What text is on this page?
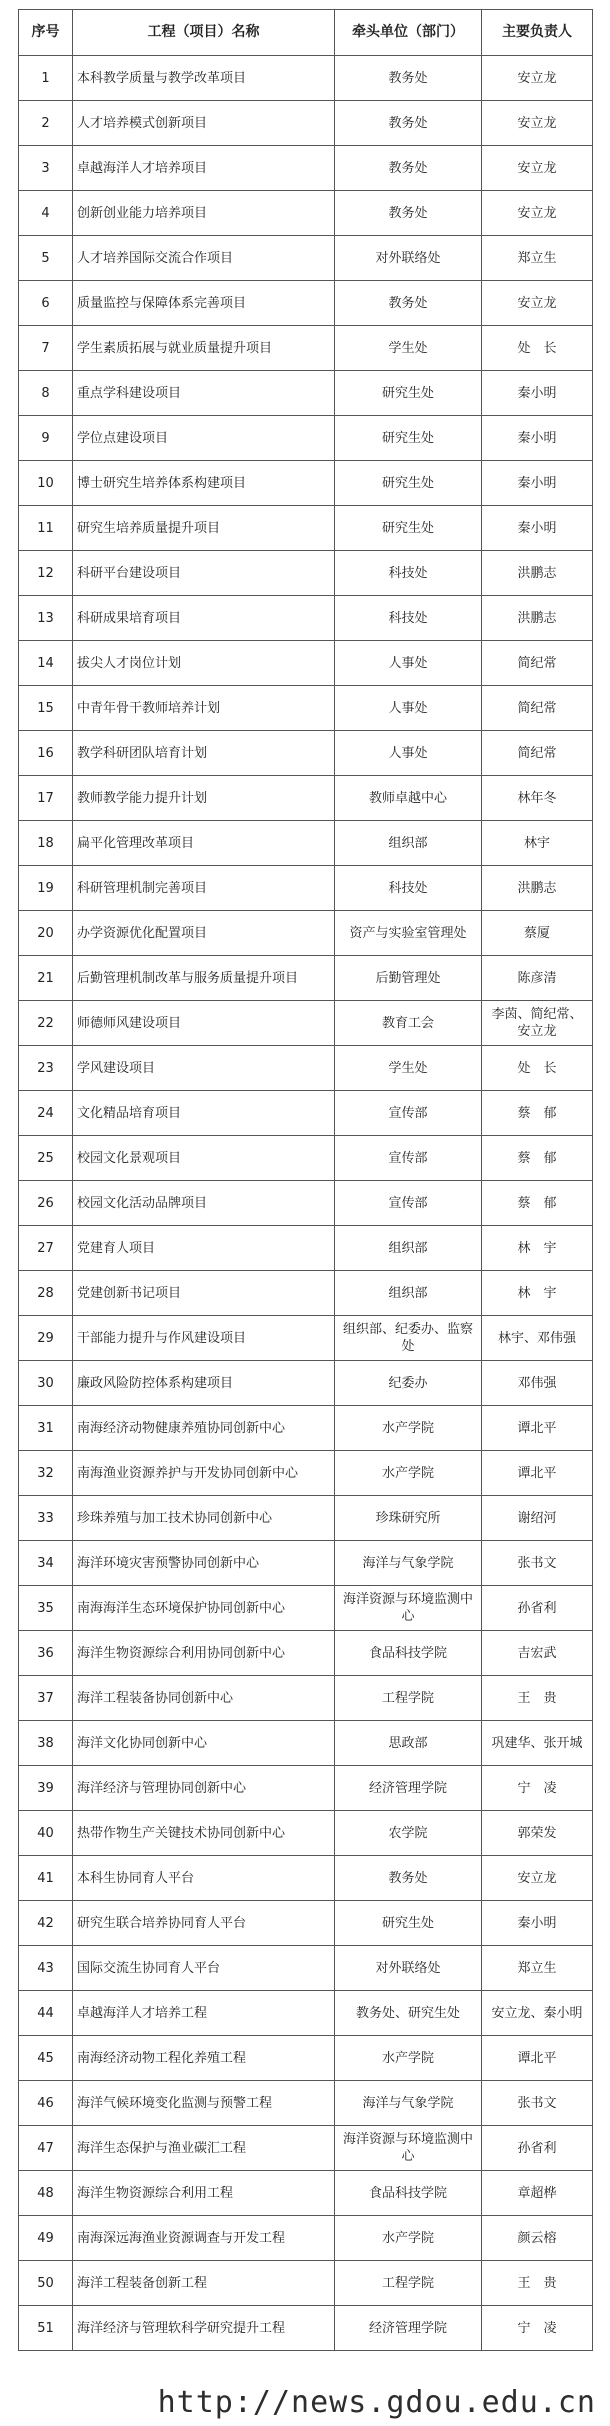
序号	工程（项目）名称	牵头单位（部门）	主要负责人
1	本科教学质量与教学改革项目	教务处	安立龙
2	人才培养模式创新项目	教务处	安立龙
3	卓越海洋人才培养项目	教务处	安立龙
4	创新创业能力培养项目	教务处	安立龙
5	人才培养国际交流合作项目	对外联络处	郑立生
6	质量监控与保障体系完善项目	教务处	安立龙
7	学生素质拓展与就业质量提升项目	学生处	处　长
8	重点学科建设项目	研究生处	秦小明
9	学位点建设项目	研究生处	秦小明
10	博士研究生培养体系构建项目	研究生处	秦小明
11	研究生培养质量提升项目	研究生处	秦小明
12	科研平台建设项目	科技处	洪鹏志
13	科研成果培育项目	科技处	洪鹏志
14	拔尖人才岗位计划	人事处	简纪常
15	中青年骨干教师培养计划	人事处	简纪常
16	教学科研团队培育计划	人事处	简纪常
17	教师教学能力提升计划	教师卓越中心	林年冬
18	扁平化管理改革项目	组织部	林宇
19	科研管理机制完善项目	科技处	洪鹏志
20	办学资源优化配置项目	资产与实验室管理处	蔡厦
21	后勤管理机制改革与服务质量提升项目	后勤管理处	陈彦清
22	师德师风建设项目	教育工会	李茵、简纪常、安立龙
23	学风建设项目	学生处	处　长
24	文化精品培育项目	宣传部	蔡　郁
25	校园文化景观项目	宣传部	蔡　郁
26	校园文化活动品牌项目	宣传部	蔡　郁
27	党建育人项目	组织部	林　宇
28	党建创新书记项目	组织部	林　宇
29	干部能力提升与作风建设项目	组织部、纪委办、监察处	林宇、邓伟强
30	廉政风险防控体系构建项目	纪委办	邓伟强
31	南海经济动物健康养殖协同创新中心	水产学院	谭北平
32	南海渔业资源养护与开发协同创新中心	水产学院	谭北平
33	珍珠养殖与加工技术协同创新中心	珍珠研究所	谢绍河
34	海洋环境灾害预警协同创新中心	海洋与气象学院	张书文
35	南海海洋生态环境保护协同创新中心	海洋资源与环境监测中心	孙省利
36	海洋生物资源综合利用协同创新中心	食品科技学院	吉宏武
37	海洋工程装备协同创新中心	工程学院	王　贵
38	海洋文化协同创新中心	思政部	巩建华、张开城
39	海洋经济与管理协同创新中心	经济管理学院	宁　凌
40	热带作物生产关键技术协同创新中心	农学院	郭荣发
41	本科生协同育人平台	教务处	安立龙
42	研究生联合培养协同育人平台	研究生处	秦小明
43	国际交流生协同育人平台	对外联络处	郑立生
44	卓越海洋人才培养工程	教务处、研究生处	安立龙、秦小明
45	南海经济动物工程化养殖工程	水产学院	谭北平
46	海洋气候环境变化监测与预警工程	海洋与气象学院	张书文
47	海洋生态保护与渔业碳汇工程	海洋资源与环境监测中心	孙省利
48	海洋生物资源综合利用工程	食品科技学院	章超桦
49	南海深远海渔业资源调查与开发工程	水产学院	颜云榕
50	海洋工程装备创新工程	工程学院	王　贵
51	海洋经济与管理软科学研究提升工程	经济管理学院	宁　凌
http://news.gdou.edu.cn
